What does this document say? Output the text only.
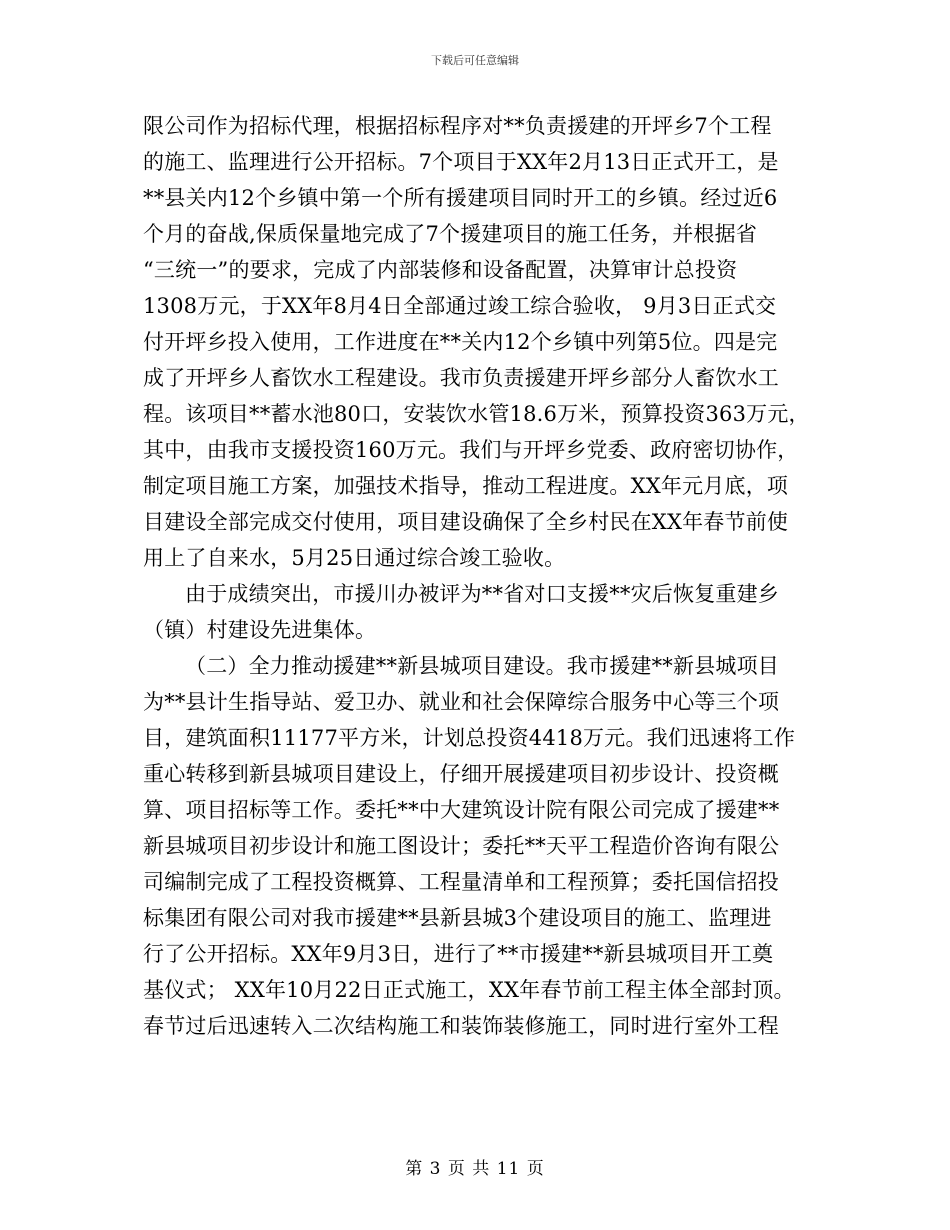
下载后可任意编辑
限公司作为招标代理，根据招标程序对**负责援建的开坪乡7个工程
的施工、监理进行公开招标。7个项目于XX年2月13日正式开工，是
**县关内12个乡镇中第一个所有援建项目同时开工的乡镇。经过近6
个月的奋战,保质保量地完成了7个援建项目的施工任务，并根据省
“三统一”的要求，完成了内部装修和设备配置，决算审计总投资
1308万元，于XX年8月4日全部通过竣工综合验收， 9月3日正式交
付开坪乡投入使用，工作进度在**关内12个乡镇中列第5位。四是完
成了开坪乡人畜饮水工程建设。我市负责援建开坪乡部分人畜饮水工
程。该项目**蓄水池80口，安装饮水管18.6万米，预算投资363万元，
其中，由我市支援投资160万元。我们与开坪乡党委、政府密切协作，
制定项目施工方案，加强技术指导，推动工程进度。XX年元月底，项
目建设全部完成交付使用，项目建设确保了全乡村民在XX年春节前使
用上了自来水，5月25日通过综合竣工验收。
由于成绩突出，市援川办被评为**省对口支援**灾后恢复重建乡
（镇）村建设先进集体。
（二）全力推动援建**新县城项目建设。我市援建**新县城项目
为**县计生指导站、爱卫办、就业和社会保障综合服务中心等三个项
目，建筑面积11177平方米，计划总投资4418万元。我们迅速将工作
重心转移到新县城项目建设上，仔细开展援建项目初步设计、投资概
算、项目招标等工作。委托**中大建筑设计院有限公司完成了援建**
新县城项目初步设计和施工图设计；委托**天平工程造价咨询有限公
司编制完成了工程投资概算、工程量清单和工程预算；委托国信招投
标集团有限公司对我市援建**县新县城3个建设项目的施工、监理进
行了公开招标。XX年9月3日，进行了**市援建**新县城项目开工奠
基仪式； XX年10月22日正式施工，XX年春节前工程主体全部封顶。
春节过后迅速转入二次结构施工和装饰装修施工，同时进行室外工程
第 3 页 共 11 页
